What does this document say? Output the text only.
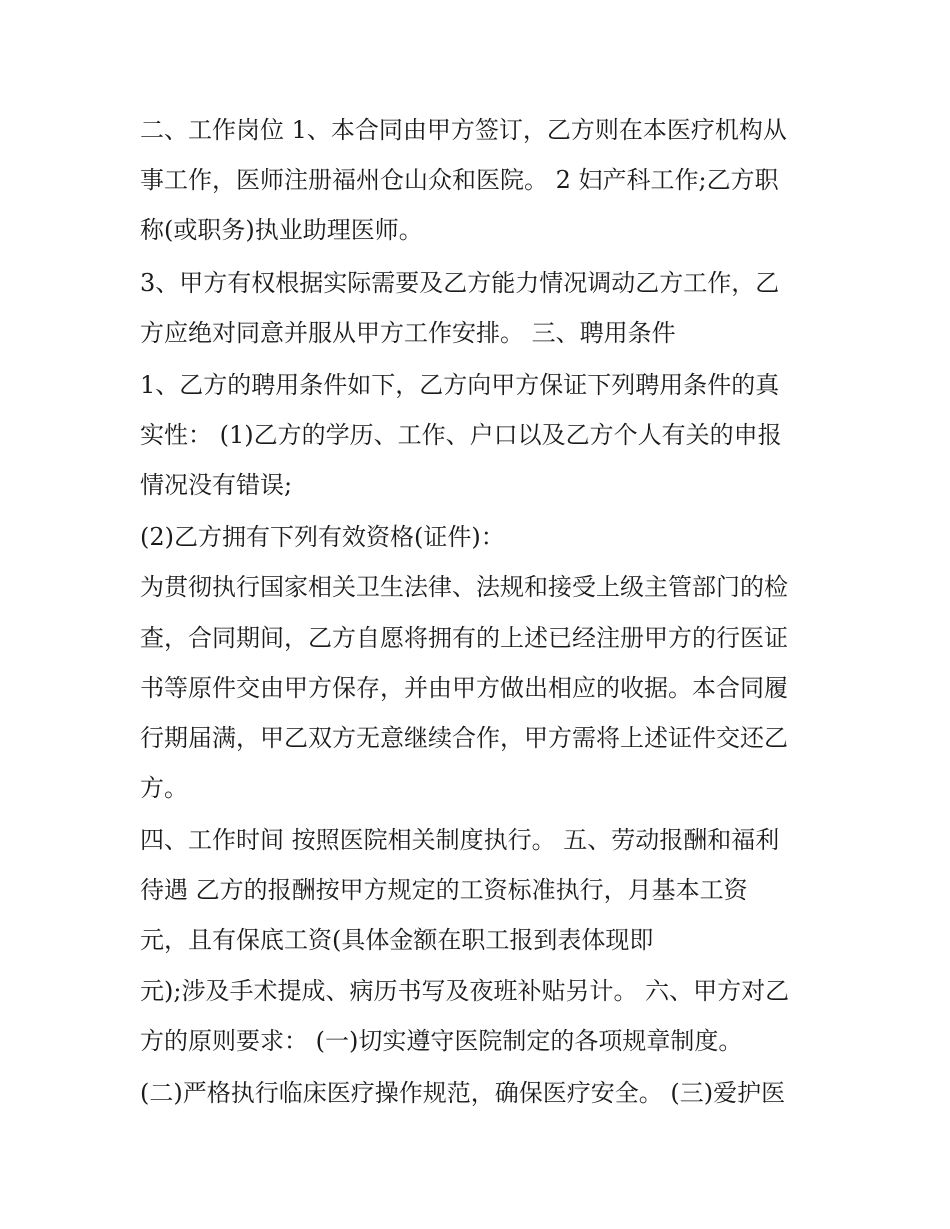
二、工作岗位 1、本合同由甲方签订，乙方则在本医疗机构从
事工作，医师注册福州仓山众和医院。 2 妇产科工作;乙方职
称(或职务)执业助理医师。
3、甲方有权根据实际需要及乙方能力情况调动乙方工作，乙
方应绝对同意并服从甲方工作安排。 三、聘用条件
1、乙方的聘用条件如下，乙方向甲方保证下列聘用条件的真
实性： (1)乙方的学历、工作、户口以及乙方个人有关的申报
情况没有错误;
(2)乙方拥有下列有效资格(证件)：
为贯彻执行国家相关卫生法律、法规和接受上级主管部门的检
查，合同期间，乙方自愿将拥有的上述已经注册甲方的行医证
书等原件交由甲方保存，并由甲方做出相应的收据。本合同履
行期届满，甲乙双方无意继续合作，甲方需将上述证件交还乙
方。
四、工作时间 按照医院相关制度执行。 五、劳动报酬和福利
待遇 乙方的报酬按甲方规定的工资标准执行，月基本工资
元，且有保底工资(具体金额在职工报到表体现即
元);涉及手术提成、病历书写及夜班补贴另计。 六、甲方对乙
方的原则要求： (一)切实遵守医院制定的各项规章制度。
(二)严格执行临床医疗操作规范，确保医疗安全。 (三)爱护医
